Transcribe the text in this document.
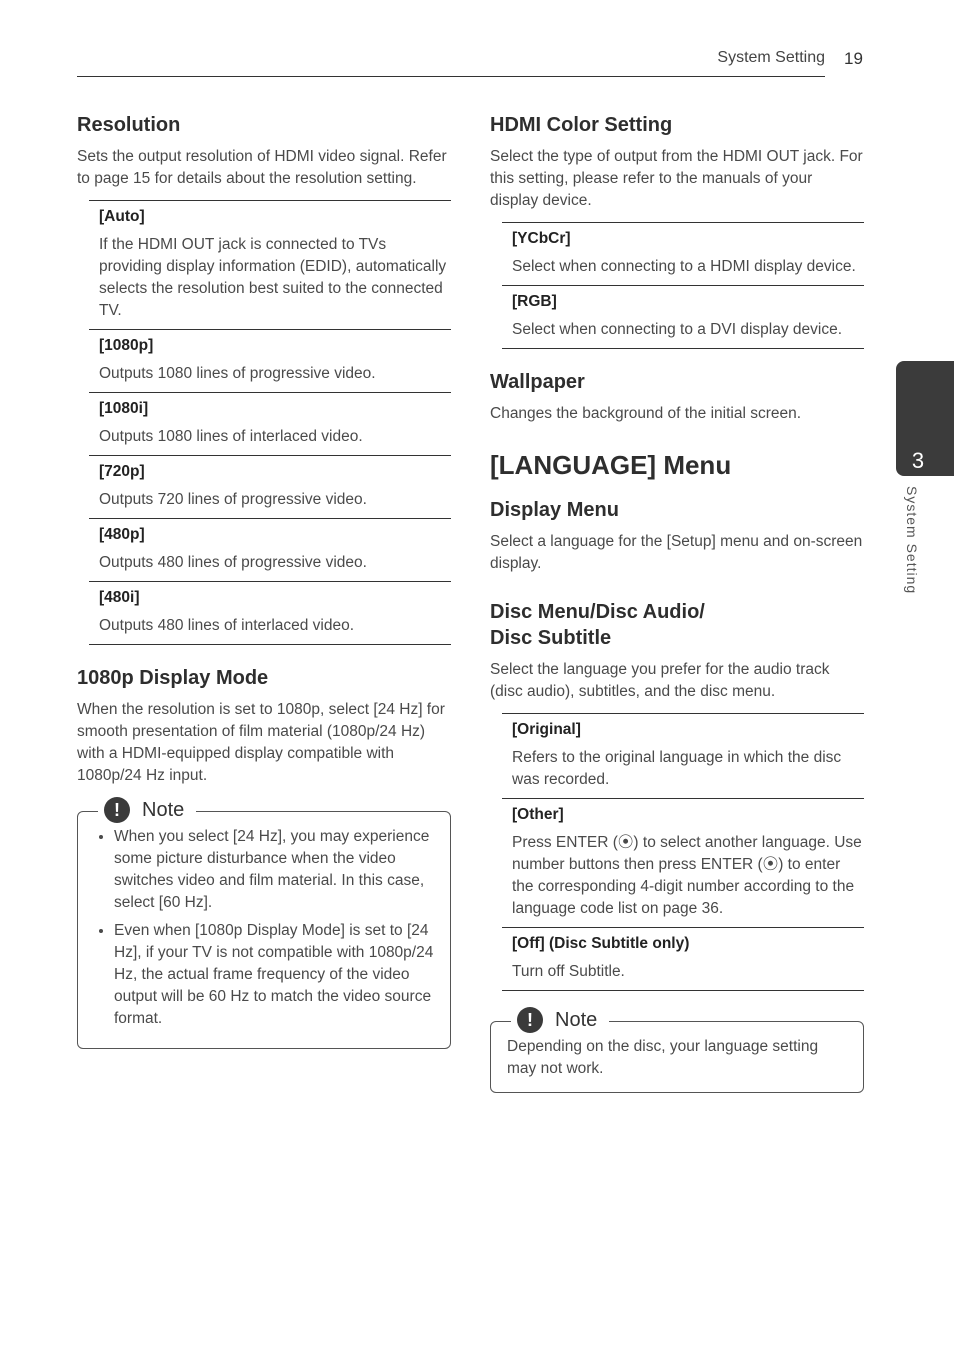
System Setting 19
3
System Setting
Resolution

Sets the output resolution of HDMI video signal. Refer to page 15 for details about the resolution setting.

[Auto]
If the HDMI OUT jack is connected to TVs providing display information (EDID), automatically selects the resolution best suited to the connected TV.
[1080p]
Outputs 1080 lines of progressive video.
[1080i]
Outputs 1080 lines of interlaced video.
[720p]
Outputs 720 lines of progressive video.
[480p]
Outputs 480 lines of progressive video.
[480i]
Outputs 480 lines of interlaced video.
1080p Display Mode

When the resolution is set to 1080p, select [24 Hz] for smooth presentation of film material (1080p/24 Hz) with a HDMI-equipped display compatible with 1080p/24 Hz input.

!	Note
• When you select [24 Hz], you may experience some picture disturbance when the video switches video and film material. In this case, select [60 Hz].
• Even when [1080p Display Mode] is set to [24 Hz], if your TV is not compatible with 1080p/24 Hz, the actual frame frequency of the video output will be 60 Hz to match the video source format.
HDMI Color Setting

Select the type of output from the HDMI OUT jack. For this setting, please refer to the manuals of your display device.

[YCbCr]
Select when connecting to a HDMI display device.
[RGB]
Select when connecting to a DVI display device.
Wallpaper

Changes the background of the initial screen.

[LANGUAGE] Menu
Display Menu

Select a language for the [Setup] menu and on-screen display.

Disc Menu/Disc Audio/
Disc Subtitle

Select the language you prefer for the audio track (disc audio), subtitles, and the disc menu.

[Original]
Refers to the original language in which the disc was recorded.
[Other]
Press ENTER (⦿) to select another language. Use number buttons then press ENTER (⦿) to enter the corresponding 4-digit number according to the language code list on page 36.
[Off] (Disc Subtitle only)
Turn off Subtitle.
!	Note
Depending on the disc, your language setting may not work.
